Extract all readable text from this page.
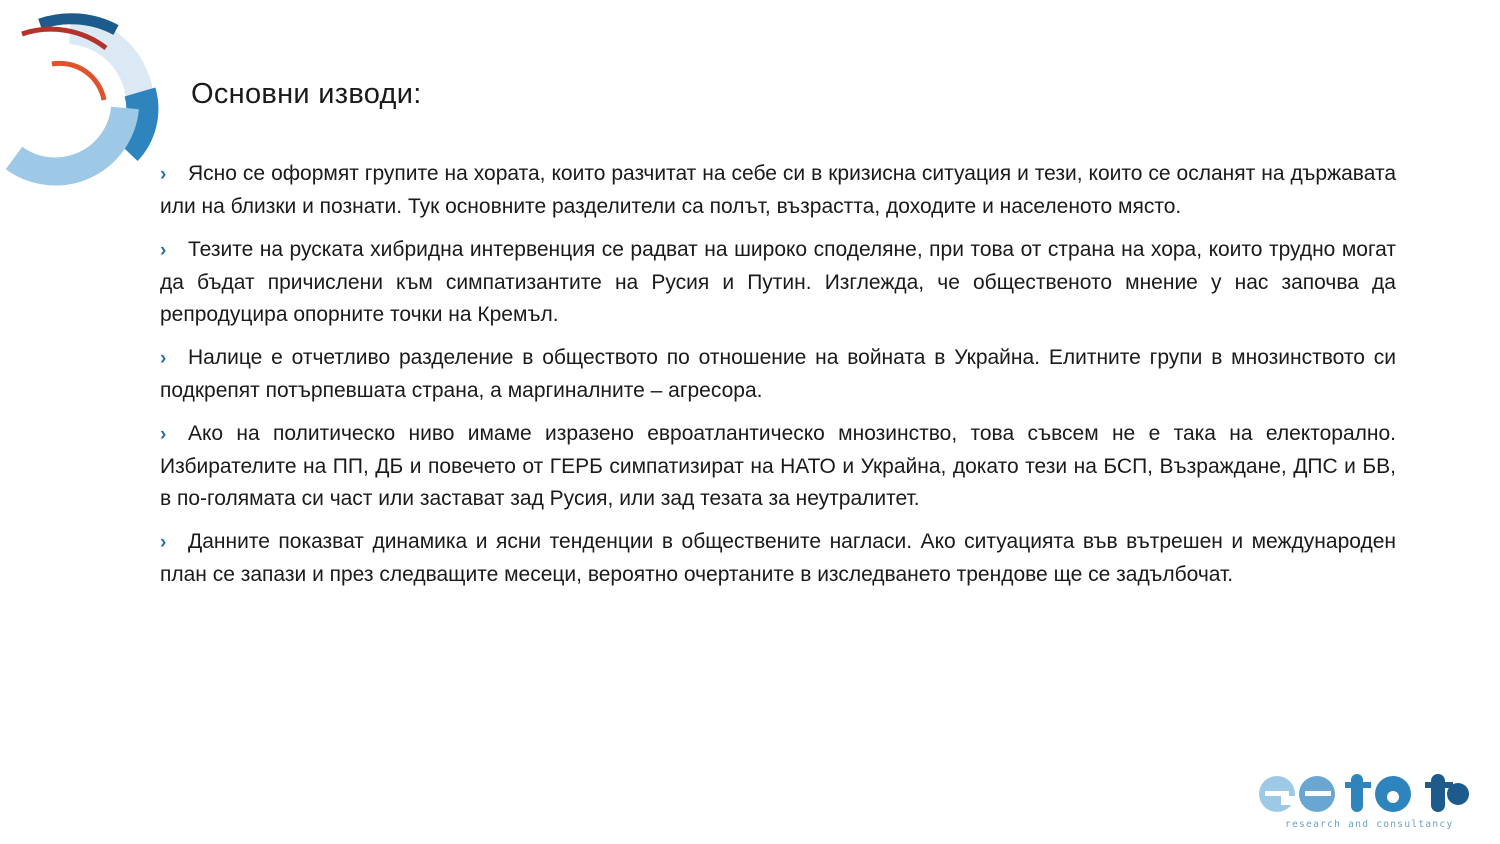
Основни изводи:

› Ясно се оформят групите на хората, които разчитат на себе си в кризисна ситуация и тези, които се осланят на държавата или на близки и познати. Тук основните разделители са полът, възрастта, доходите и населеното място.

› Тезите на руската хибридна интервенция се радват на широко споделяне, при това от страна на хора, които трудно могат да бъдат причислени към симпатизантите на Русия и Путин. Изглежда, че общественото мнение у нас започва да репродуцира опорните точки на Кремъл.

› Налице е отчетливо разделение в обществото по отношение на войната в Украйна. Елитните групи в мнозинството си подкрепят потърпевшата страна, а маргиналните – агресора.

› Ако на политическо ниво имаме изразено евроатлантическо мнозинство, това съвсем не е така на електорално. Избирателите на ПП, ДБ и повечето от ГЕРБ симпатизират на НАТО и Украйна, докато тези на БСП, Възраждане, ДПС и БВ, в по-голямата си част или застават зад Русия, или зад тезата за неутралитет.

› Данните показват динамика и ясни тенденции в обществените нагласи. Ако ситуацията във вътрешен и международен план се запази и през следващите месеци, вероятно очертаните в изследването трендове ще се задълбочат.

research and consultancy
